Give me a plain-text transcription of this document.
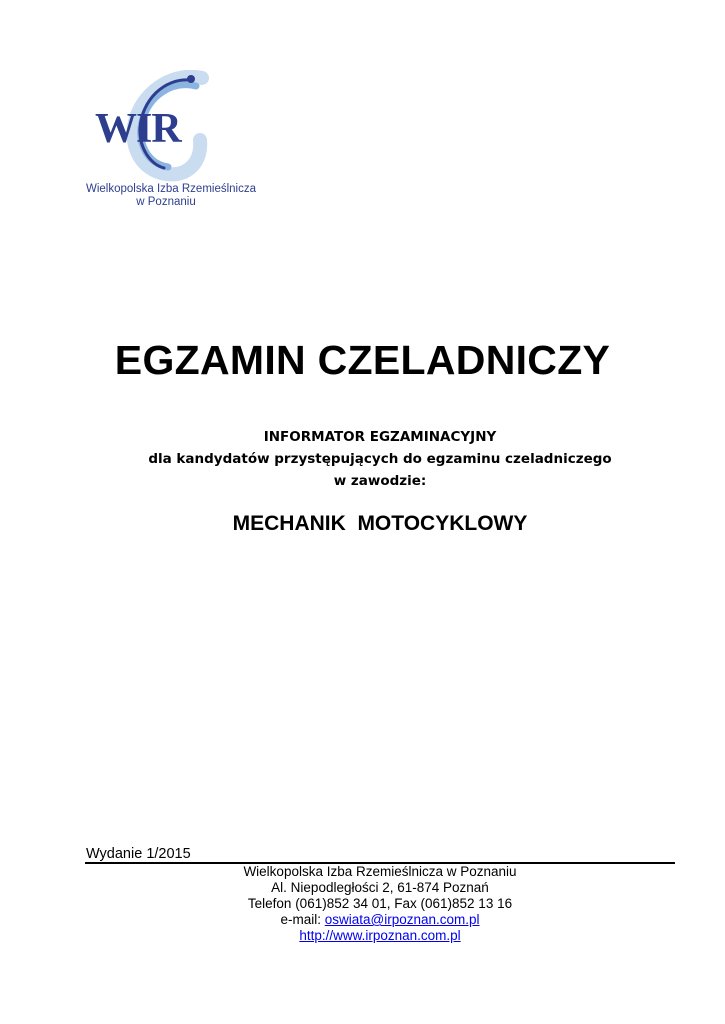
WIR
Wielkopolska Izba Rzemieślnicza
w Poznaniu
EGZAMIN CZELADNICZY
INFORMATOR EGZAMINACYJNY
dla kandydatów przystępujących do egzaminu czeladniczego
w zawodzie:
MECHANIK  MOTOCYKLOWY
Wydanie 1/2015
Wielkopolska Izba Rzemieślnicza w Poznaniu
Al. Niepodległości 2, 61-874 Poznań
Telefon (061)852 34 01, Fax (061)852 13 16
e-mail: oswiata@irpoznan.com.pl
http://www.irpoznan.com.pl
